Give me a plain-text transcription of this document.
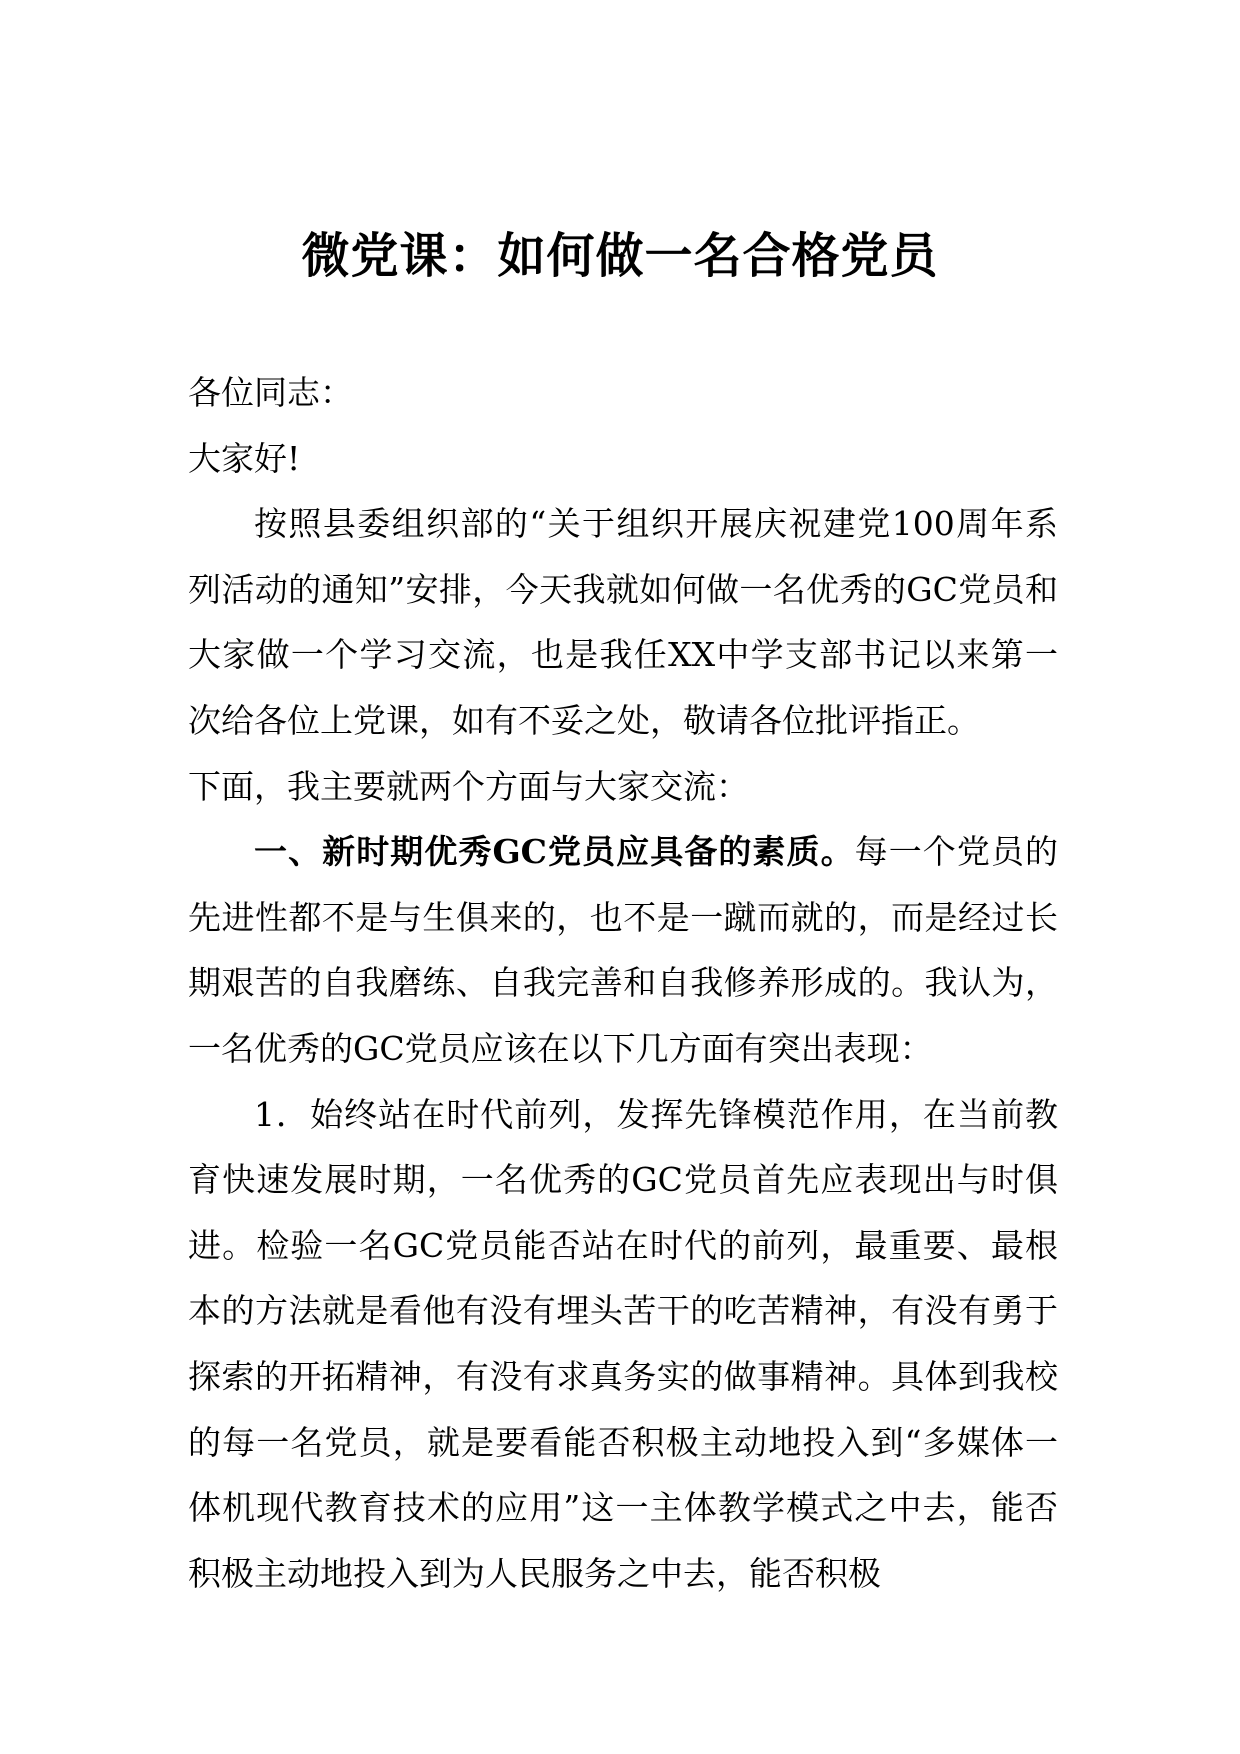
微党课：如何做一名合格党员

各位同志：

大家好!

按照县委组织部的“关于组织开展庆祝建党100周年系列活动的通知”安排，今天我就如何做一名优秀的GC党员和大家做一个学习交流，也是我任XX中学支部书记以来第一次给各位上党课，如有不妥之处，敬请各位批评指正。

下面，我主要就两个方面与大家交流：

一、新时期优秀GC党员应具备的素质。每一个党员的先进性都不是与生俱来的，也不是一蹴而就的，而是经过长期艰苦的自我磨练、自我完善和自我修养形成的。我认为，一名优秀的GC党员应该在以下几方面有突出表现：

1．始终站在时代前列，发挥先锋模范作用，在当前教育快速发展时期，一名优秀的GC党员首先应表现出与时俱进。检验一名GC党员能否站在时代的前列，最重要、最根本的方法就是看他有没有埋头苦干的吃苦精神，有没有勇于探索的开拓精神，有没有求真务实的做事精神。具体到我校的每一名党员，就是要看能否积极主动地投入到“多媒体一体机现代教育技术的应用”这一主体教学模式之中去，能否积极主动地投入到为人民服务之中去，能否积极
